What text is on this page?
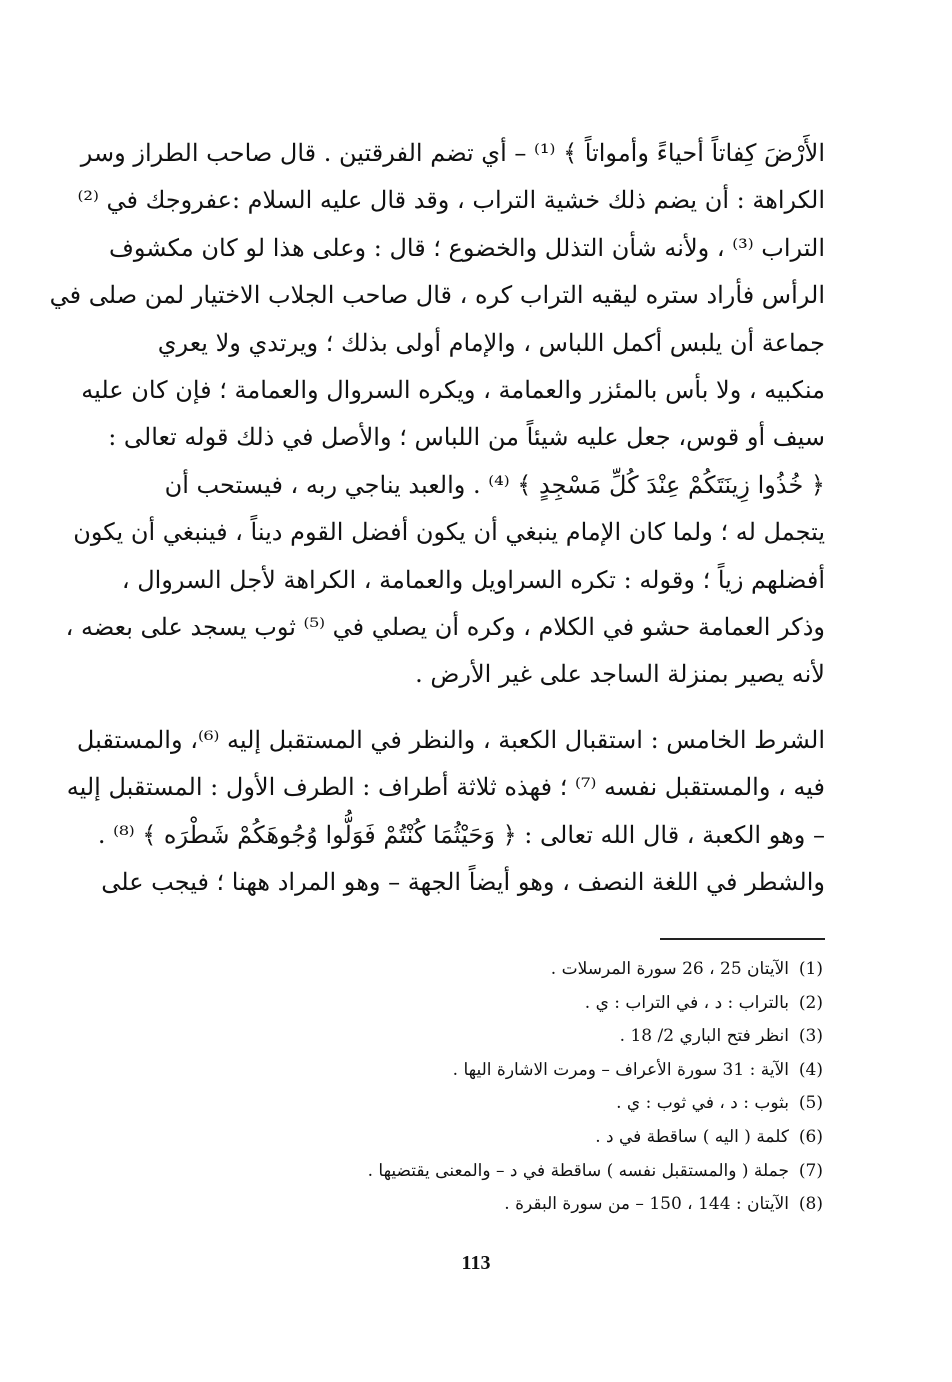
الأَرْضَ كِفاتاً أحياءً وأمواتاً ﴾ ⁽¹⁾ – أي تضم الفرقتين . قال صاحب الطراز وسر
الكراهة : أن يضم ذلك خشية التراب ، وقد قال عليه السلام :عفروجك في ⁽²⁾
التراب ⁽³⁾ ، ولأنه شأن التذلل والخضوع ؛ قال : وعلى هذا لو كان مكشوف
الرأس فأراد ستره ليقيه التراب كره ، قال صاحب الجلاب الاختيار لمن صلى في
جماعة أن يلبس أكمل اللباس ، والإمام أولى بذلك ؛ ويرتدي ولا يعري
منكبيه ، ولا بأس بالمئزر والعمامة ، ويكره السروال والعمامة ؛ فإن كان عليه
سيف أو قوس، جعل عليه شيئاً من اللباس ؛ والأصل في ذلك قوله تعالى :
﴿ خُذُوا زِينَتَكُمْ عِنْدَ كُلِّ مَسْجِدٍ ﴾ ⁽⁴⁾ . والعبد يناجي ربه ، فيستحب أن
يتجمل له ؛ ولما كان الإمام ينبغي أن يكون أفضل القوم ديناً ، فينبغي أن يكون
أفضلهم زياً ؛ وقوله : تكره السراويل والعمامة ، الكراهة لأجل السروال ،
وذكر العمامة حشو في الكلام ، وكره أن يصلي في ⁽⁵⁾ ثوب يسجد على بعضه ،
لأنه يصير بمنزلة الساجد على غير الأرض .

الشرط الخامس : استقبال الكعبة ، والنظر في المستقبل إليه ⁽⁶⁾، والمستقبل
فيه ، والمستقبل نفسه ⁽⁷⁾ ؛ فهذه ثلاثة أطراف : الطرف الأول : المستقبل إليه
– وهو الكعبة ، قال الله تعالى : ﴿ وَحَيْثُمَا كُنْتُمْ فَوَلُّوا وُجُوهَكُمْ شَطْرَه ﴾ ⁽⁸⁾ .
والشطر في اللغة النصف ، وهو أيضاً الجهة – وهو المراد ههنا ؛ فيجب على

(1)الآيتان 25 ، 26 سورة المرسلات .
(2)بالتراب : د ، في التراب : ي .
(3)انظر فتح الباري 2/ 18 .
(4)الآية : 31 سورة الأعراف – ومرت الاشارة اليها .
(5)بثوب : د ، في ثوب : ي .
(6)كلمة ( اليه ) ساقطة في د .
(7)جملة ( والمستقبل نفسه ) ساقطة في د – والمعنى يقتضيها .
(8)الآيتان : 144 ، 150 – من سورة البقرة .
113
